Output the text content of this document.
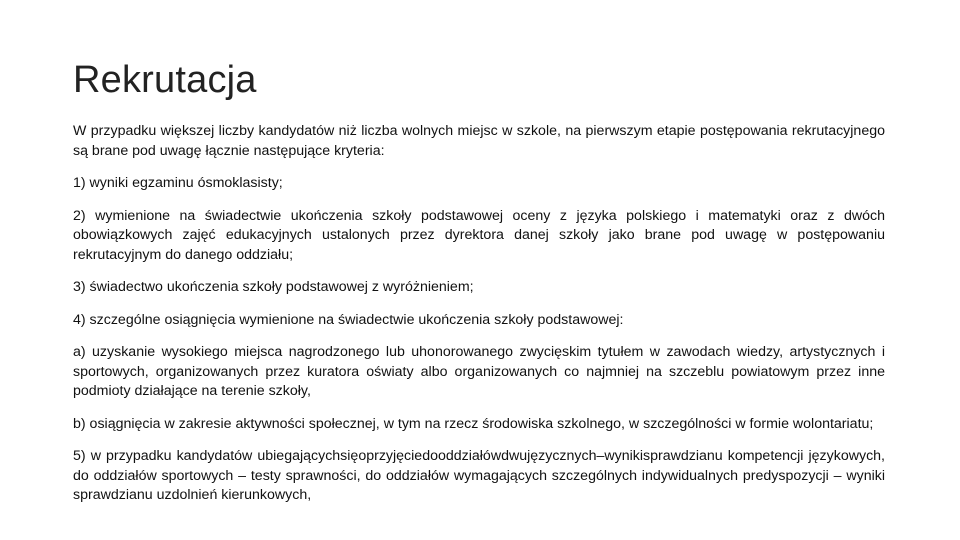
Rekrutacja

W przypadku większej liczby kandydatów niż liczba wolnych miejsc w szkole, na pierwszym etapie postępowania rekrutacyjnego są brane pod uwagę łącznie następujące kryteria:

1) wyniki egzaminu ósmoklasisty;

2) wymienione na świadectwie ukończenia szkoły podstawowej oceny z języka polskiego i matematyki oraz z dwóch obowiązkowych zajęć edukacyjnych ustalonych przez dyrektora danej szkoły jako brane pod uwagę w postępowaniu rekrutacyjnym do danego oddziału;

3) świadectwo ukończenia szkoły podstawowej z wyróżnieniem;

4) szczególne osiągnięcia wymienione na świadectwie ukończenia szkoły podstawowej:

a) uzyskanie wysokiego miejsca nagrodzonego lub uhonorowanego zwycięskim tytułem w zawodach wiedzy, artystycznych i sportowych, organizowanych przez kuratora oświaty albo organizowanych co najmniej na szczeblu powiatowym przez inne podmioty działające na terenie szkoły,

b) osiągnięcia w zakresie aktywności społecznej, w tym na rzecz środowiska szkolnego, w szczególności w formie wolontariatu;

5) w przypadku kandydatów ubiegającychsięoprzyjęciedooddziałówdwujęzycznych–wynikisprawdzianu kompetencji językowych, do oddziałów sportowych – testy sprawności, do oddziałów wymagających szczególnych indywidualnych predyspozycji – wyniki sprawdzianu uzdolnień kierunkowych,
